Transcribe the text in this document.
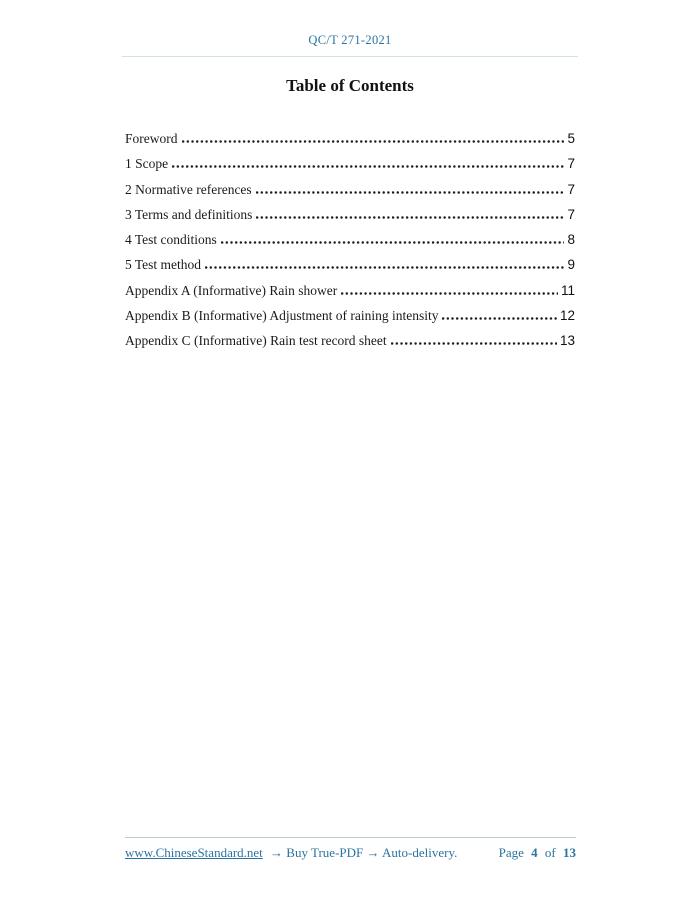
QC/T 271-2021
Table of Contents
Foreword	5
1 Scope	7
2 Normative references	7
3 Terms and definitions	7
4 Test conditions	8
5 Test method	9
Appendix A (Informative) Rain shower	11
Appendix B (Informative) Adjustment of raining intensity	12
Appendix C (Informative) Rain test record sheet	13
www.ChineseStandard.net → Buy True-PDF → Auto-delivery.	Page 4 of 13
